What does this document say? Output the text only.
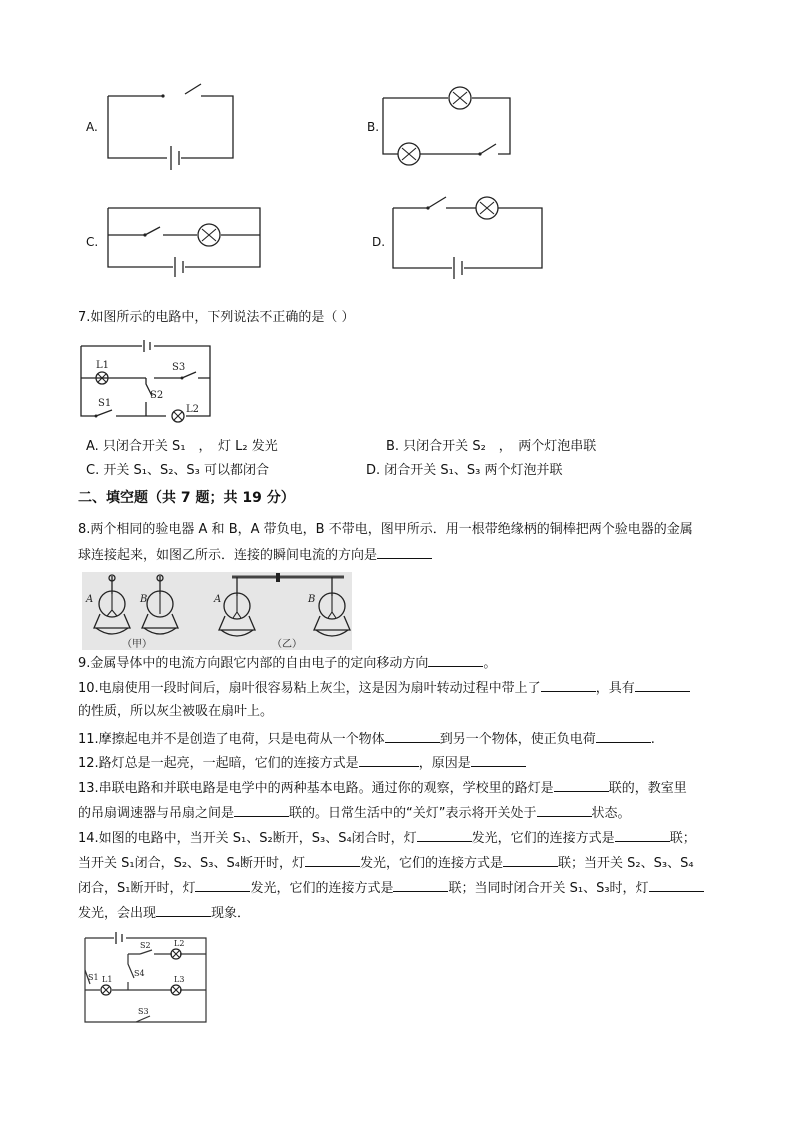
A.	B.
C.	D.
7.如图所示的电路中，下列说法不正确的是（ ）
L1	S3
S2
S1
L2
A. 只闭合开关 S₁　，　灯 L₂ 发光	B. 只闭合开关 S₂　，　两个灯泡串联
C. 开关 S₁、S₂、S₃ 可以都闭合	D. 闭合开关 S₁、S₃ 两个灯泡并联
二、填空题（共 7 题；共 19 分）
8.两个相同的验电器 A 和 B，A 带负电，B 不带电，图甲所示．用一根带绝缘柄的铜棒把两个验电器的金属
球连接起来，如图乙所示．连接的瞬间电流的方向是
A	B	A	B
（甲）	（乙）
9.金属导体中的电流方向跟它内部的自由电子的定向移动方向	。
10.电扇使用一段时间后，扇叶很容易粘上灰尘，这是因为扇叶转动过程中带上了	，具有
的性质，所以灰尘被吸在扇叶上。
11.摩擦起电并不是创造了电荷，只是电荷从一个物体	到另一个物体，使正负电荷	.
12.路灯总是一起亮，一起暗，它们的连接方式是	，原因是
13.串联电路和并联电路是电学中的两种基本电路。通过你的观察，学校里的路灯是	联的，教室里
的吊扇调速器与吊扇之间是	联的。日常生活中的“关灯”表示将开关处于	状态。
14.如图的电路中，当开关 S₁、S₂断开，S₃、S₄闭合时，灯	发光，它们的连接方式是	联；
当开关 S₁闭合，S₂、S₃、S₄断开时，灯	发光，它们的连接方式是	联；当开关 S₂、S₃、S₄
闭合，S₁断开时，灯	发光，它们的连接方式是	联；当同时闭合开关 S₁、S₃时，灯
发光，会出现	现象．
S2	L2
S1	S4
L1	L3
S3
